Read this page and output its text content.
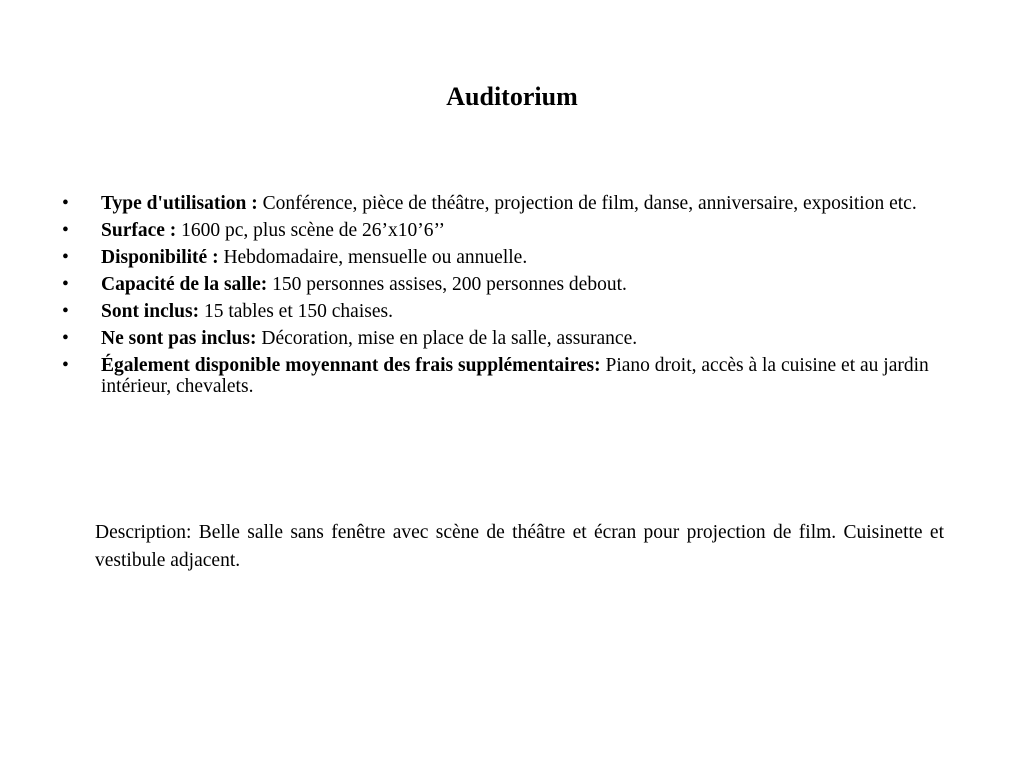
Auditorium
• Type d'utilisation : Conférence, pièce de théâtre, projection de film, danse, anniversaire, exposition etc.
• Surface : 1600 pc, plus scène de 26’x10’6’’
• Disponibilité : Hebdomadaire, mensuelle ou annuelle.
• Capacité de la salle: 150 personnes assises, 200 personnes debout.
• Sont inclus: 15 tables et 150 chaises.
• Ne sont pas inclus: Décoration, mise en place de la salle, assurance.
• Également disponible moyennant des frais supplémentaires: Piano droit, accès à la cuisine et au jardin intérieur, chevalets.

Description: Belle salle sans fenêtre avec scène de théâtre et écran pour projection de film. Cuisinette et vestibule adjacent.
